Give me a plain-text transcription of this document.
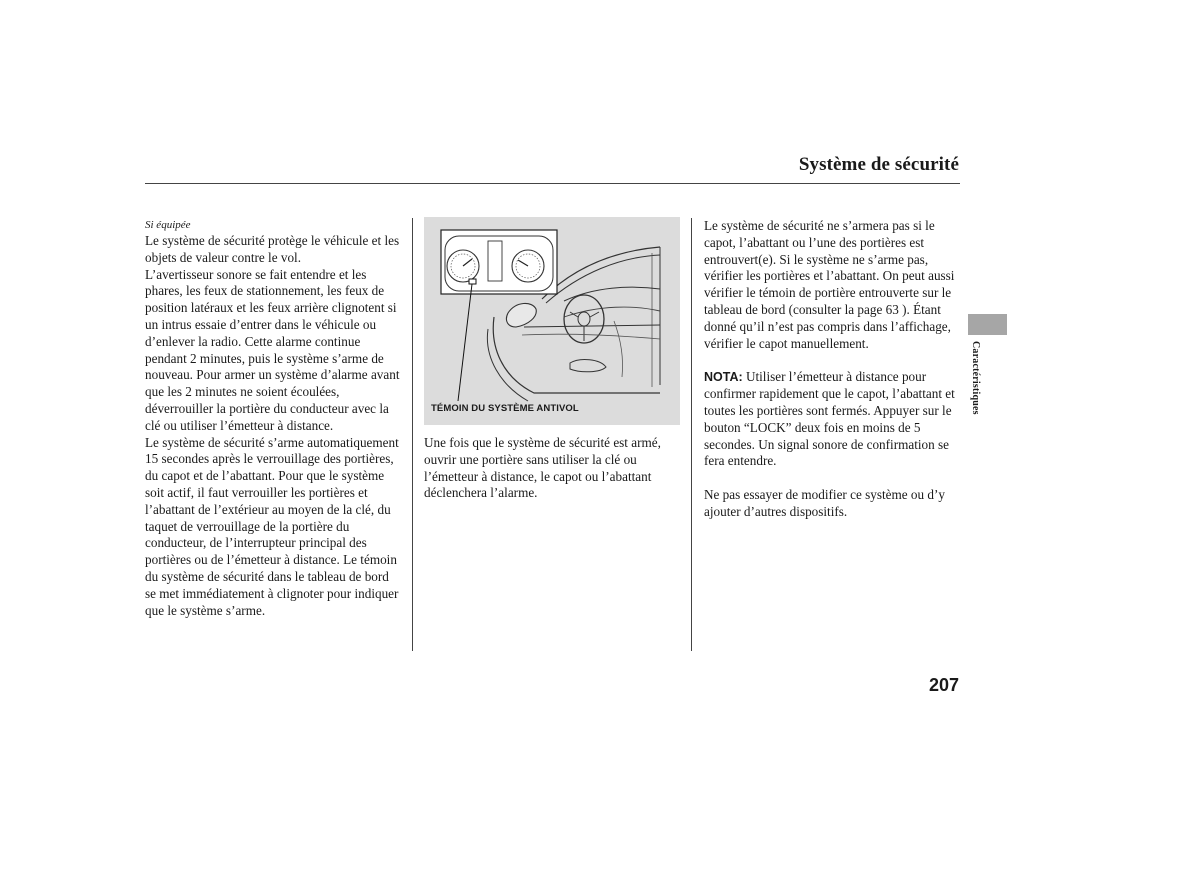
Système de sécurité

Si équipée

Le système de sécurité protège le véhicule et les objets de valeur contre le vol.

L’avertisseur sonore se fait entendre et les phares, les feux de stationnement, les feux de position latéraux et les feux arrière clignotent si un intrus essaie d’entrer dans le véhicule ou d’enlever la radio. Cette alarme continue pendant 2 minutes, puis le système s’arme de nouveau. Pour armer un système d’alarme avant que les 2 minutes ne soient écoulées, déverrouiller la portière du conducteur avec la clé ou utiliser l’émetteur à distance.

Le système de sécurité s’arme automatiquement 15 secondes après le verrouillage des portières, du capot et de l’abattant. Pour que le système soit actif, il faut verrouiller les portières et l’abattant de l’extérieur au moyen de la clé, du taquet de verrouillage de la portière du conducteur, de l’interrupteur principal des portières ou de l’émetteur à distance. Le témoin du système de sécurité dans le tableau de bord se met immédiatement à clignoter pour indiquer que le système s’arme.

TÉMOIN DU SYSTÈME ANTIVOL

Une fois que le système de sécurité est armé, ouvrir une portière sans utiliser la clé ou l’émetteur à distance, le capot ou l’abattant déclenchera l’alarme.

Le système de sécurité ne s’armera pas si le capot, l’abattant ou l’une des portières est entrouvert(e). Si le système ne s’arme pas, vérifier les portières et l’abattant. On peut aussi vérifier le témoin de portière entrouverte sur le tableau de bord (consulter la page 63 ). Étant donné qu’il n’est pas compris dans l’affichage, vérifier le capot manuellement.

NOTA: Utiliser l’émetteur à distance pour confirmer rapidement que le capot, l’abattant et toutes les portières sont fermés. Appuyer sur le bouton “LOCK” deux fois en moins de 5 secondes. Un signal sonore de confirmation se fera entendre.

Ne pas essayer de modifier ce système ou d’y ajouter d’autres dispositifs.

Caractéristiques
207
